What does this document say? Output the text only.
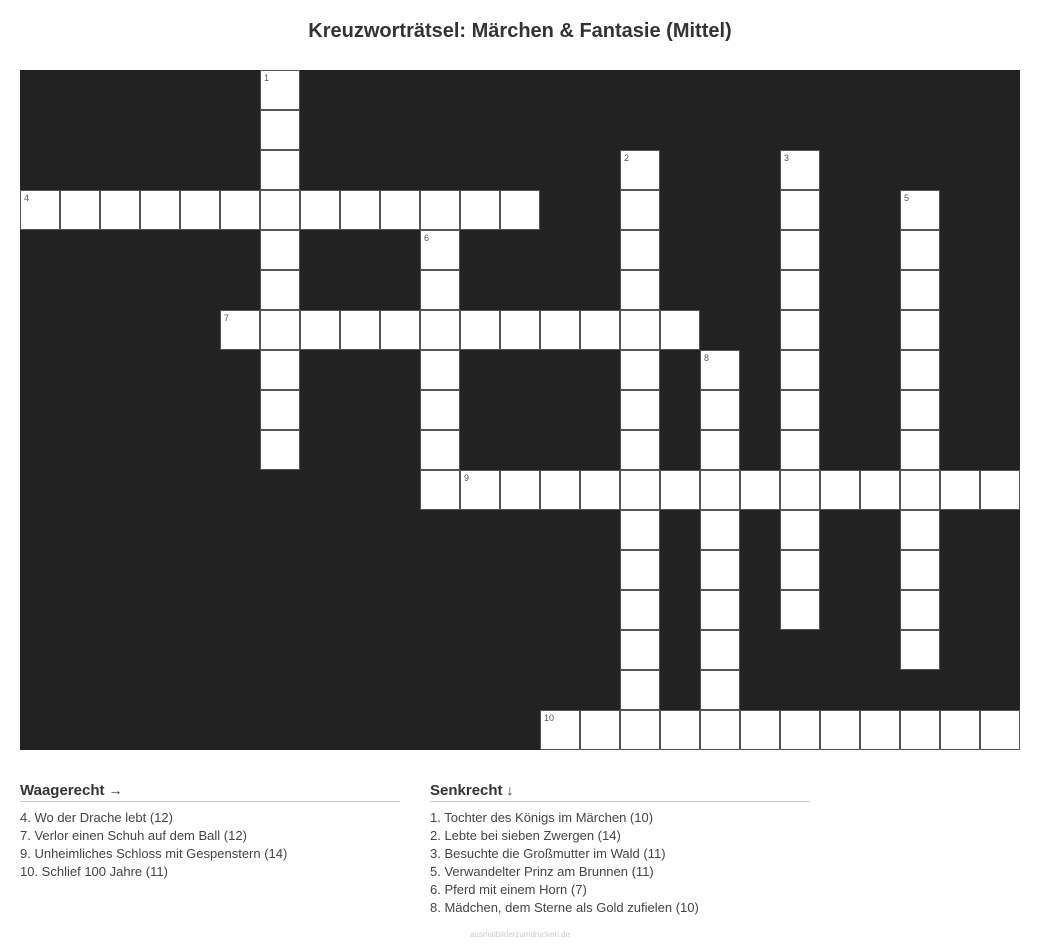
Kreuzworträtsel: Märchen & Fantasie (Mittel)
1
2	3
4	5
6
7
8
9
10
Waagerecht →
4. Wo der Drache lebt (12)
7. Verlor einen Schuh auf dem Ball (12)
9. Unheimliches Schloss mit Gespenstern (14)
10. Schlief 100 Jahre (11)
Senkrecht ↓
1. Tochter des Königs im Märchen (10)
2. Lebte bei sieben Zwergen (14)
3. Besuchte die Großmutter im Wald (11)
5. Verwandelter Prinz am Brunnen (11)
6. Pferd mit einem Horn (7)
8. Mädchen, dem Sterne als Gold zufielen (10)
ausmalbilderzumdrucken.de
